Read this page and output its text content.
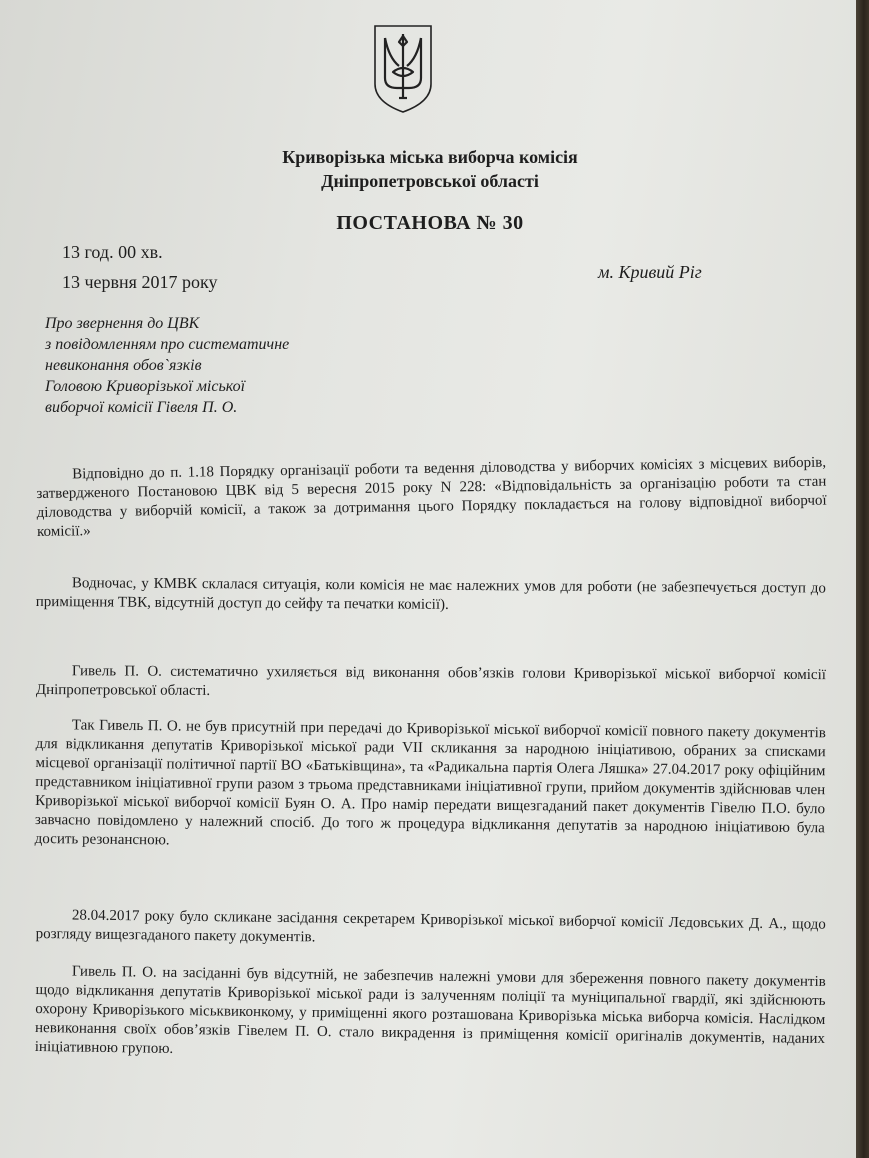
Криворізька міська виборча комісія
Дніпропетровської області
ПОСТАНОВА № 30
13 год. 00 хв.
13 червня 2017 року	м. Кривий Ріг
Про звернення до ЦВК
з повідомленням про систематичне
невиконання обов`язків
Головою Криворізької міської
виборчої комісії Гiвеля П. О.

Відповідно до п. 1.18 Порядку організації роботи та ведення діловодства у виборчих комісіях з місцевих виборів, затвердженого Постановою ЦВК від 5 вересня 2015 року N 228: «Відповідальність за організацію роботи та стан діловодства у виборчій комісії, а також за дотримання цього Порядку покладається на голову відповідної виборчої комісії.»

Водночас, у КМВК склалася ситуація, коли комісія не має належних умов для роботи (не забезпечується доступ до приміщення ТВК, відсутній доступ до сейфу та печатки комісії).

Гивель П. О. систематично ухиляється від виконання обов’язків голови Криворізької міської виборчої комісії Дніпропетровської області.

Так Гивель П. О. не був присутній при передачі до Криворізької міської виборчої комісії повного пакету документів для відкликання депутатів Криворізької міської ради VII скликання за народною ініціативою, обраних за списками місцевої організації політичної партії ВО «Батьківщина», та «Радикальна партія Олега Ляшка» 27.04.2017 року офіційним представником ініціативної групи разом з трьома представниками ініціативної групи, прийом документів здійснював член Криворізької міської виборчої комісії Буян О. А. Про намір передати вищезгаданий пакет документів Гівелю П.О. було завчасно повідомлено у належний спосіб. До того ж процедура відкликання депутатів за народною ініціативою була досить резонансною.

28.04.2017 року було скликане засідання секретарем Криворізької міської виборчої комісії Лєдовських Д. А., щодо розгляду вищезгаданого пакету документів.

Гивель П. О. на засіданні був відсутній, не забезпечив належні умови для збереження повного пакету документів щодо відкликання депутатів Криворізької міської ради із залученням поліції та муніципальної гвардії, які здійснюють охорону Криворізького міськвиконкому, у приміщенні якого розташована Криворізька міська виборча комісія. Наслідком невиконання своїх обов’язків Гівелем П. О. стало викрадення із приміщення комісії оригіналів документів, наданих ініціативною групою.
